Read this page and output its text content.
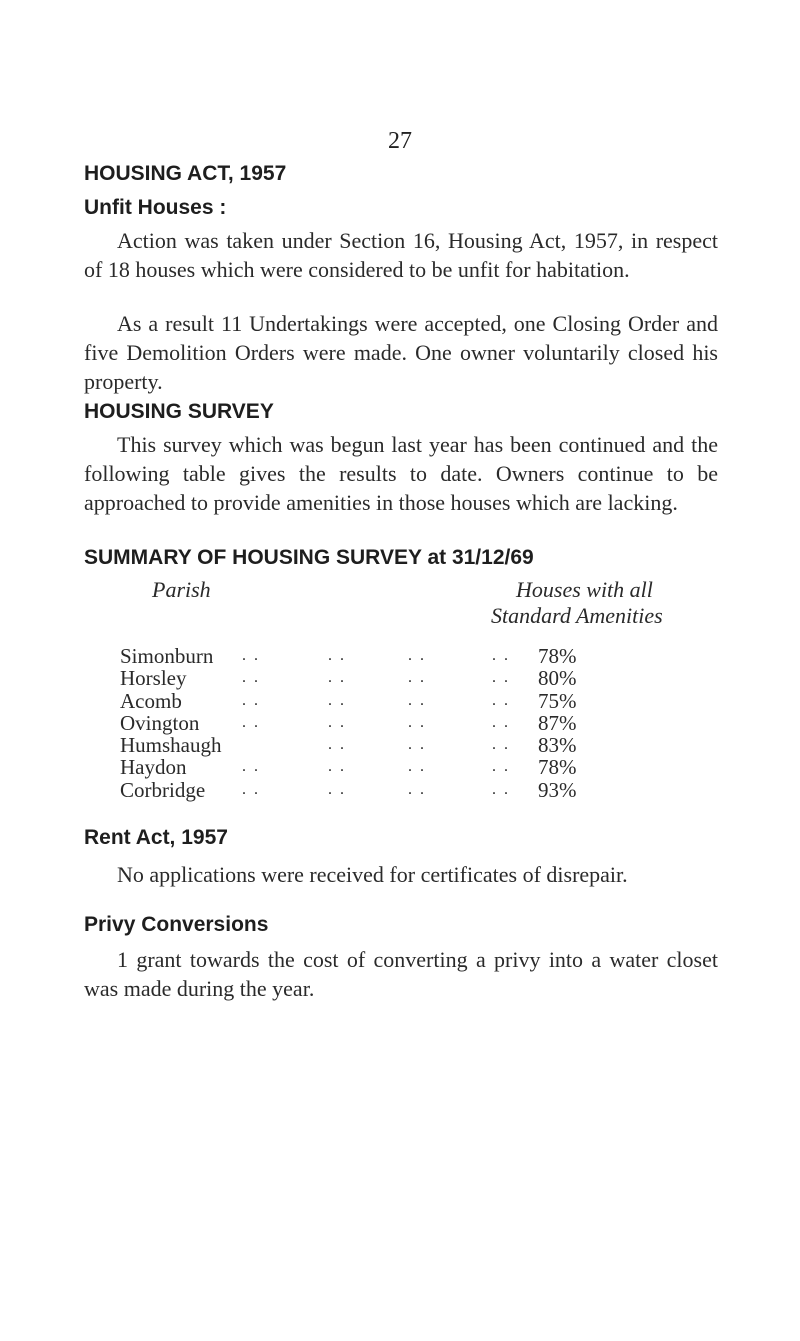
27
HOUSING ACT, 1957
Unfit Houses :
Action was taken under Section 16, Housing Act, 1957, in respect of 18 houses which were considered to be unfit for habitation.
As a result 11 Undertakings were accepted, one Closing Order and five Demolition Orders were made. One owner voluntarily closed his property.
HOUSING SURVEY
This survey which was begun last year has been continued and the following table gives the results to date. Owners continue to be approached to provide amenities in those houses which are lacking.
SUMMARY OF HOUSING SURVEY at 31/12/69
Parish	Houses with all
Standard Amenities
Simonburn . .	. .	. .	. . 78%
Horsley	. .	. .	. .	. . 80%
Acomb	. .	. .	. .	. . 75%
Ovington	. .	. .	. .	. . 87%
Humshaugh	. .	. .	. . 83%
Haydon	. .	. .	. .	. . 78%
Corbridge . .	. .	. .	. . 93%
Rent Act, 1957
No applications were received for certificates of disrepair.
Privy Conversions
1 grant towards the cost of converting a privy into a water closet was made during the year.
